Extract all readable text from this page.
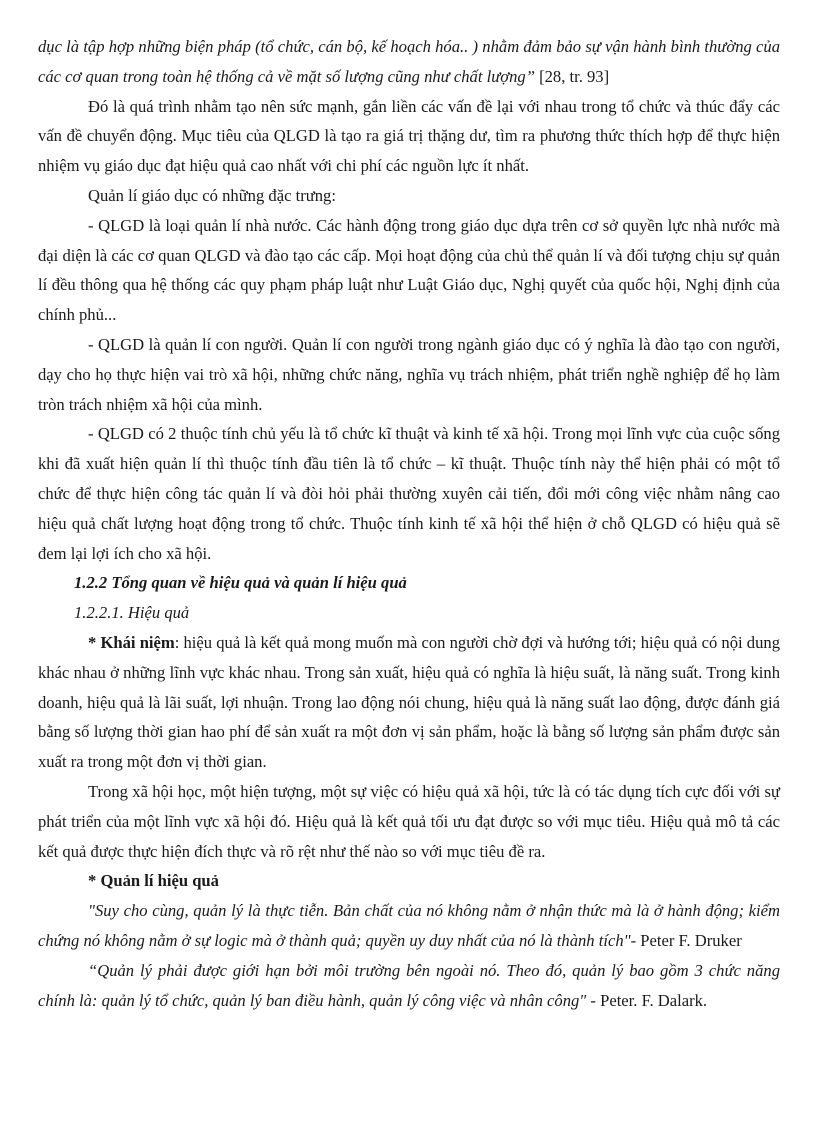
dục là tập hợp những biện pháp (tổ chức, cán bộ, kế hoạch hóa.. ) nhằm đảm bảo sự vận hành bình thường của các cơ quan trong toàn hệ thống cả về mặt số lượng cũng như chất lượng” [28, tr. 93]

Đó là quá trình nhằm tạo nên sức mạnh, gắn liền các vấn đề lại với nhau trong tổ chức và thúc đẩy các vấn đề chuyển động. Mục tiêu của QLGD là tạo ra giá trị thặng dư, tìm ra phương thức thích hợp để thực hiện nhiệm vụ giáo dục đạt hiệu quả cao nhất với chi phí các nguồn lực ít nhất.

Quản lí giáo dục có những đặc trưng:

- QLGD là loại quản lí nhà nước. Các hành động trong giáo dục dựa trên cơ sở quyền lực nhà nước mà đại diện là các cơ quan QLGD và đào tạo các cấp. Mọi hoạt động của chủ thể quản lí và đối tượng chịu sự quản lí đều thông qua hệ thống các quy phạm pháp luật như Luật Giáo dục, Nghị quyết của quốc hội, Nghị định của chính phủ...

- QLGD là quản lí con người. Quản lí con người trong ngành giáo dục có ý nghĩa là đào tạo con người, dạy cho họ thực hiện vai trò xã hội, những chức năng, nghĩa vụ trách nhiệm, phát triển nghề nghiệp để họ làm tròn trách nhiệm xã hội của mình.

- QLGD có 2 thuộc tính chủ yếu là tổ chức kĩ thuật và kinh tế xã hội. Trong mọi lĩnh vực của cuộc sống khi đã xuất hiện quản lí thì thuộc tính đầu tiên là tổ chức – kĩ thuật. Thuộc tính này thể hiện phải có một tổ chức để thực hiện công tác quản lí và đòi hỏi phải thường xuyên cải tiến, đổi mới công việc nhằm nâng cao hiệu quả chất lượng hoạt động trong tổ chức. Thuộc tính kinh tế xã hội thể hiện ở chỗ QLGD có hiệu quả sẽ đem lại lợi ích cho xã hội.

1.2.2 Tổng quan về hiệu quả và quản lí hiệu quả

1.2.2.1. Hiệu quả

* Khái niệm: hiệu quả là kết quả mong muốn mà con người chờ đợi và hướng tới; hiệu quả có nội dung khác nhau ở những lĩnh vực khác nhau. Trong sản xuất, hiệu quả có nghĩa là hiệu suất, là năng suất. Trong kinh doanh, hiệu quả là lãi suất, lợi nhuận. Trong lao động nói chung, hiệu quả là năng suất lao động, được đánh giá bằng số lượng thời gian hao phí để sản xuất ra một đơn vị sản phẩm, hoặc là bằng số lượng sản phẩm được sản xuất ra trong một đơn vị thời gian.

Trong xã hội học, một hiện tượng, một sự việc có hiệu quả xã hội, tức là có tác dụng tích cực đối với sự phát triển của một lĩnh vực xã hội đó. Hiệu quả là kết quả tối ưu đạt được so với mục tiêu. Hiệu quả mô tả các kết quả được thực hiện đích thực và rõ rệt như thế nào so với mục tiêu đề ra.

* Quản lí hiệu quả

"Suy cho cùng, quản lý là thực tiễn. Bản chất của nó không nằm ở nhận thức mà là ở hành động; kiểm chứng nó không nằm ở sự logic mà ở thành quả; quyền uy duy nhất của nó là thành tích"- Peter F. Druker

“Quản lý phải được giới hạn bởi môi trường bên ngoài nó. Theo đó, quản lý bao gồm 3 chức năng chính là: quản lý tổ chức, quản lý ban điều hành, quản lý công việc và nhân công" - Peter. F. Dalark.
